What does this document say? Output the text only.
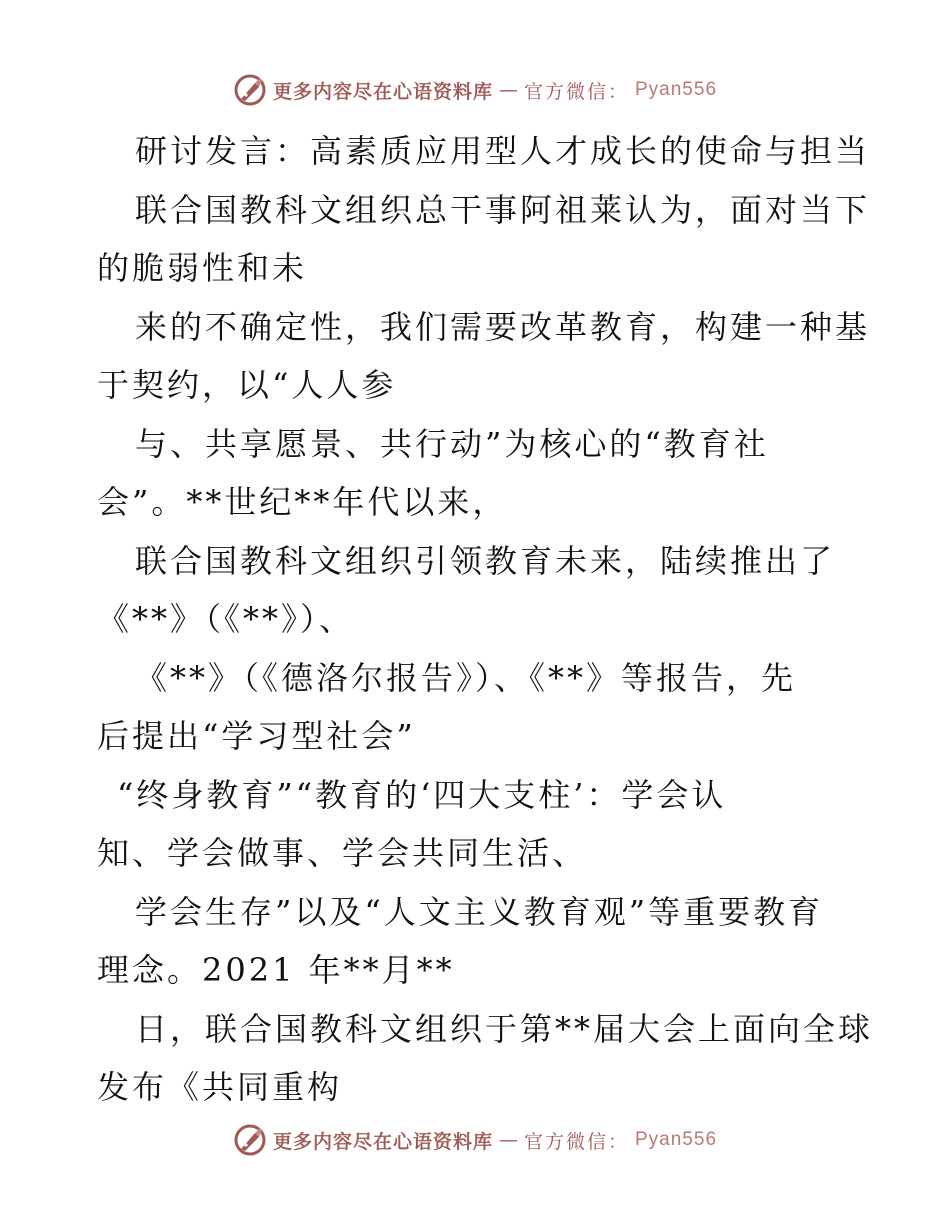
更多内容尽在心语资料库 — 官方微信： Pyan556
研讨发言：高素质应用型人才成长的使命与担当
联合国教科文组织总干事阿祖莱认为，面对当下
的脆弱性和未
来的不确定性，我们需要改革教育，构建一种基
于契约，以“人人参
与、共享愿景、共行动”为核心的“教育社
会”。**世纪**年代以来，
联合国教科文组织引领教育未来，陆续推出了
《**》（《**》）、
《**》（《德洛尔报告》）、《**》等报告，先
后提出“学习型社会”
“终身教育”“教育的‘四大支柱’：学会认
知、学会做事、学会共同生活、
学会生存”以及“人文主义教育观”等重要教育
理念。2021 年**月**
日，联合国教科文组织于第**届大会上面向全球
发布《共同重构
更多内容尽在心语资料库 — 官方微信： Pyan556
